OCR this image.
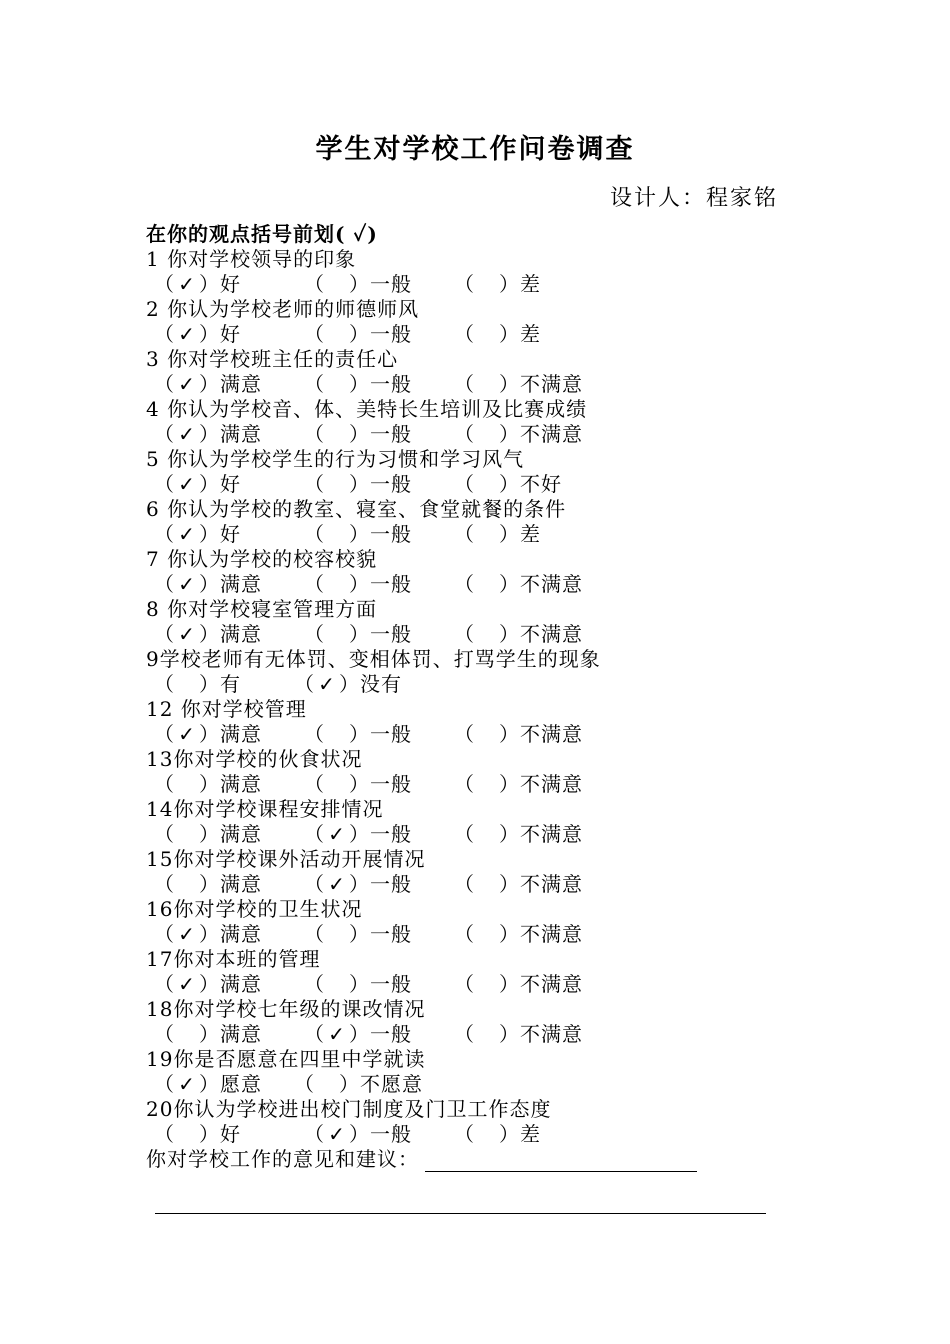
学生对学校工作问卷调查
设计人：程家铭
在你的观点括号前划( ✓)
1 你对学校领导的印象
（ ✓ ）好	（ ）一般 （ ）差
2 你认为学校老师的师德师风
（ ✓ ）好	（ ）一般 （ ）差
3 你对学校班主任的责任心
（ ✓ ）满意 （ ）一般 （ ）不满意
4 你认为学校音、体、美特长生培训及比赛成绩
（ ✓ ）满意 （ ）一般 （ ）不满意
5 你认为学校学生的行为习惯和学习风气
（ ✓ ）好	（ ）一般 （ ）不好
6 你认为学校的教室、寝室、食堂就餐的条件
（ ✓ ）好	（ ）一般 （ ）差
7 你认为学校的校容校貌
（ ✓ ）满意 （ ）一般 （ ）不满意
8 你对学校寝室管理方面
（ ✓ ）满意 （ ）一般 （ ）不满意
9学校老师有无体罚、变相体罚、打骂学生的现象
（ ）有	（ ✓ ）没有
12 你对学校管理
（ ✓ ）满意 （ ）一般 （ ）不满意
13你对学校的伙食状况
（ ）满意 （ ）一般 （ ）不满意
14你对学校课程安排情况
（ ）满意 （ ✓ ）一般 （ ）不满意
15你对学校课外活动开展情况
（ ）满意 （ ✓ ）一般 （ ）不满意
16你对学校的卫生状况
（ ✓ ）满意 （ ）一般 （ ）不满意
17你对本班的管理
（ ✓ ）满意 （ ）一般 （ ）不满意
18你对学校七年级的课改情况
（ ）满意 （ ✓ ）一般 （ ）不满意
19你是否愿意在四里中学就读
（ ✓ ）愿意 （ ）不愿意
20你认为学校进出校门制度及门卫工作态度
（ ）好	（ ✓ ）一般 （ ）差
你对学校工作的意见和建议：
